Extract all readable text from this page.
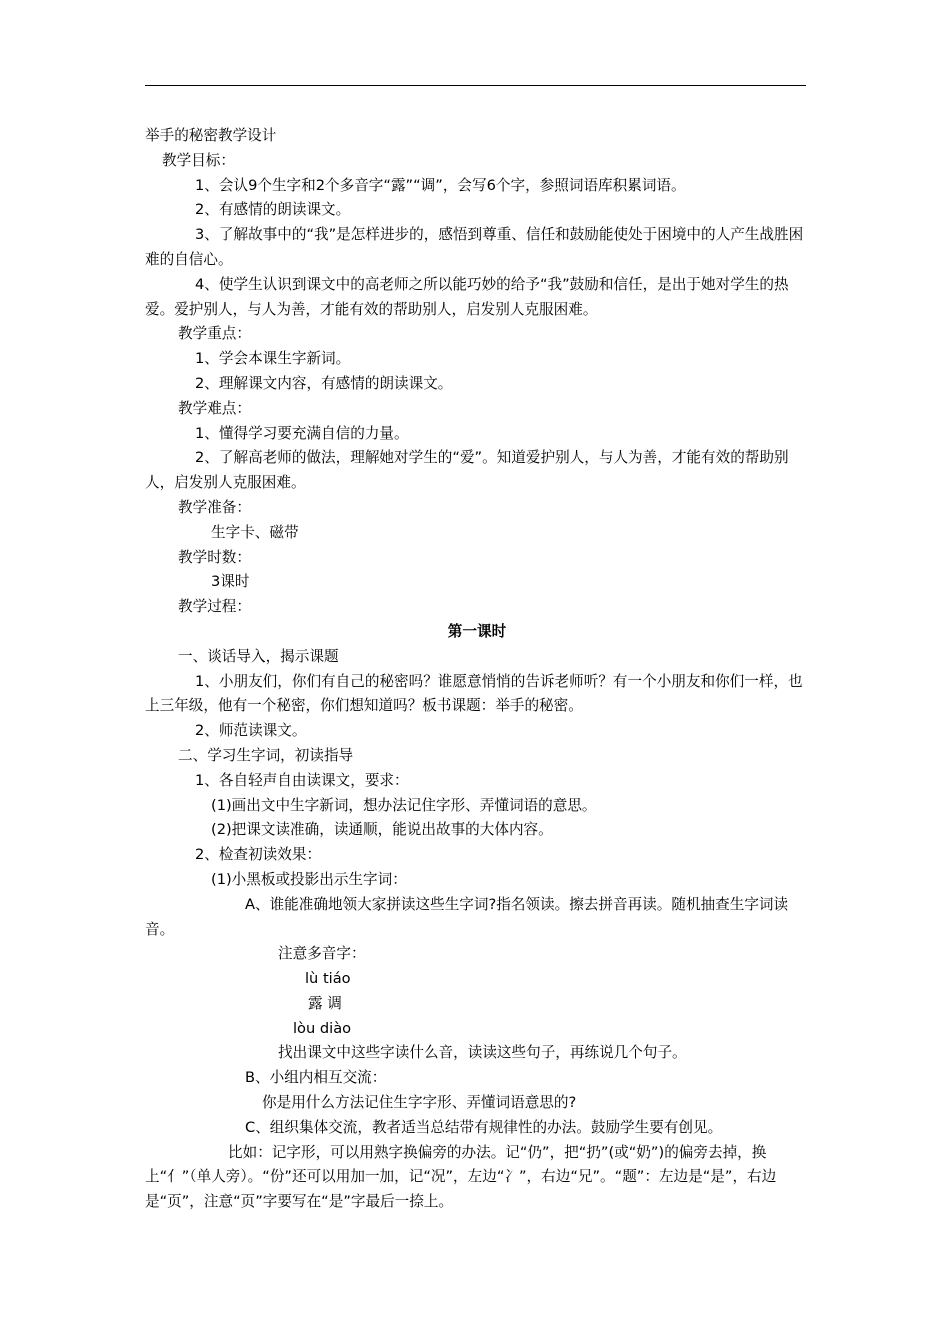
举手的秘密教学设计

教学目标：

1、会认9个生字和2个多音字“露”“调”，会写6个字，参照词语库积累词语。

2、有感情的朗读课文。

3、了解故事中的“我”是怎样进步的，感悟到尊重、信任和鼓励能使处于困境中的人产生战胜困难的自信心。

4、使学生认识到课文中的高老师之所以能巧妙的给予“我”鼓励和信任，是出于她对学生的热爱。爱护别人，与人为善，才能有效的帮助别人，启发别人克服困难。

教学重点：

1、学会本课生字新词。

2、理解课文内容，有感情的朗读课文。

教学难点：

1、懂得学习要充满自信的力量。

2、了解高老师的做法，理解她对学生的“爱”。知道爱护别人，与人为善，才能有效的帮助别人，启发别人克服困难。

教学准备：

生字卡、磁带

教学时数：

3课时

教学过程：

第一课时

一、谈话导入，揭示课题

1、小朋友们，你们有自己的秘密吗？谁愿意悄悄的告诉老师听？有一个小朋友和你们一样，也上三年级，他有一个秘密，你们想知道吗？板书课题：举手的秘密。

2、师范读课文。

二、学习生字词，初读指导

1、各自轻声自由读课文，要求：

(1)画出文中生字新词，想办法记住字形、弄懂词语的意思。

(2)把课文读准确，读通顺，能说出故事的大体内容。

2、检查初读效果：

(1)小黑板或投影出示生字词：

A、谁能准确地领大家拼读这些生字词?指名领读。擦去拼音再读。随机抽查生字词读音。

注意多音字：

lù tiáo

露 调

lòu diào

找出课文中这些字读什么音，读读这些句子，再练说几个句子。

B、小组内相互交流：

你是用什么方法记住生字字形、弄懂词语意思的?

C、组织集体交流，教者适当总结带有规律性的办法。鼓励学生要有创见。

比如：记字形，可以用熟字换偏旁的办法。记“仍”，把“扔”(或“奶”)的偏旁去掉，换上“亻”（单人旁）。“份”还可以用加一加，记“况”，左边“冫”，右边“兄”。“题”：左边是“是”，右边是“页”，注意“页”字要写在“是”字最后一捺上。
